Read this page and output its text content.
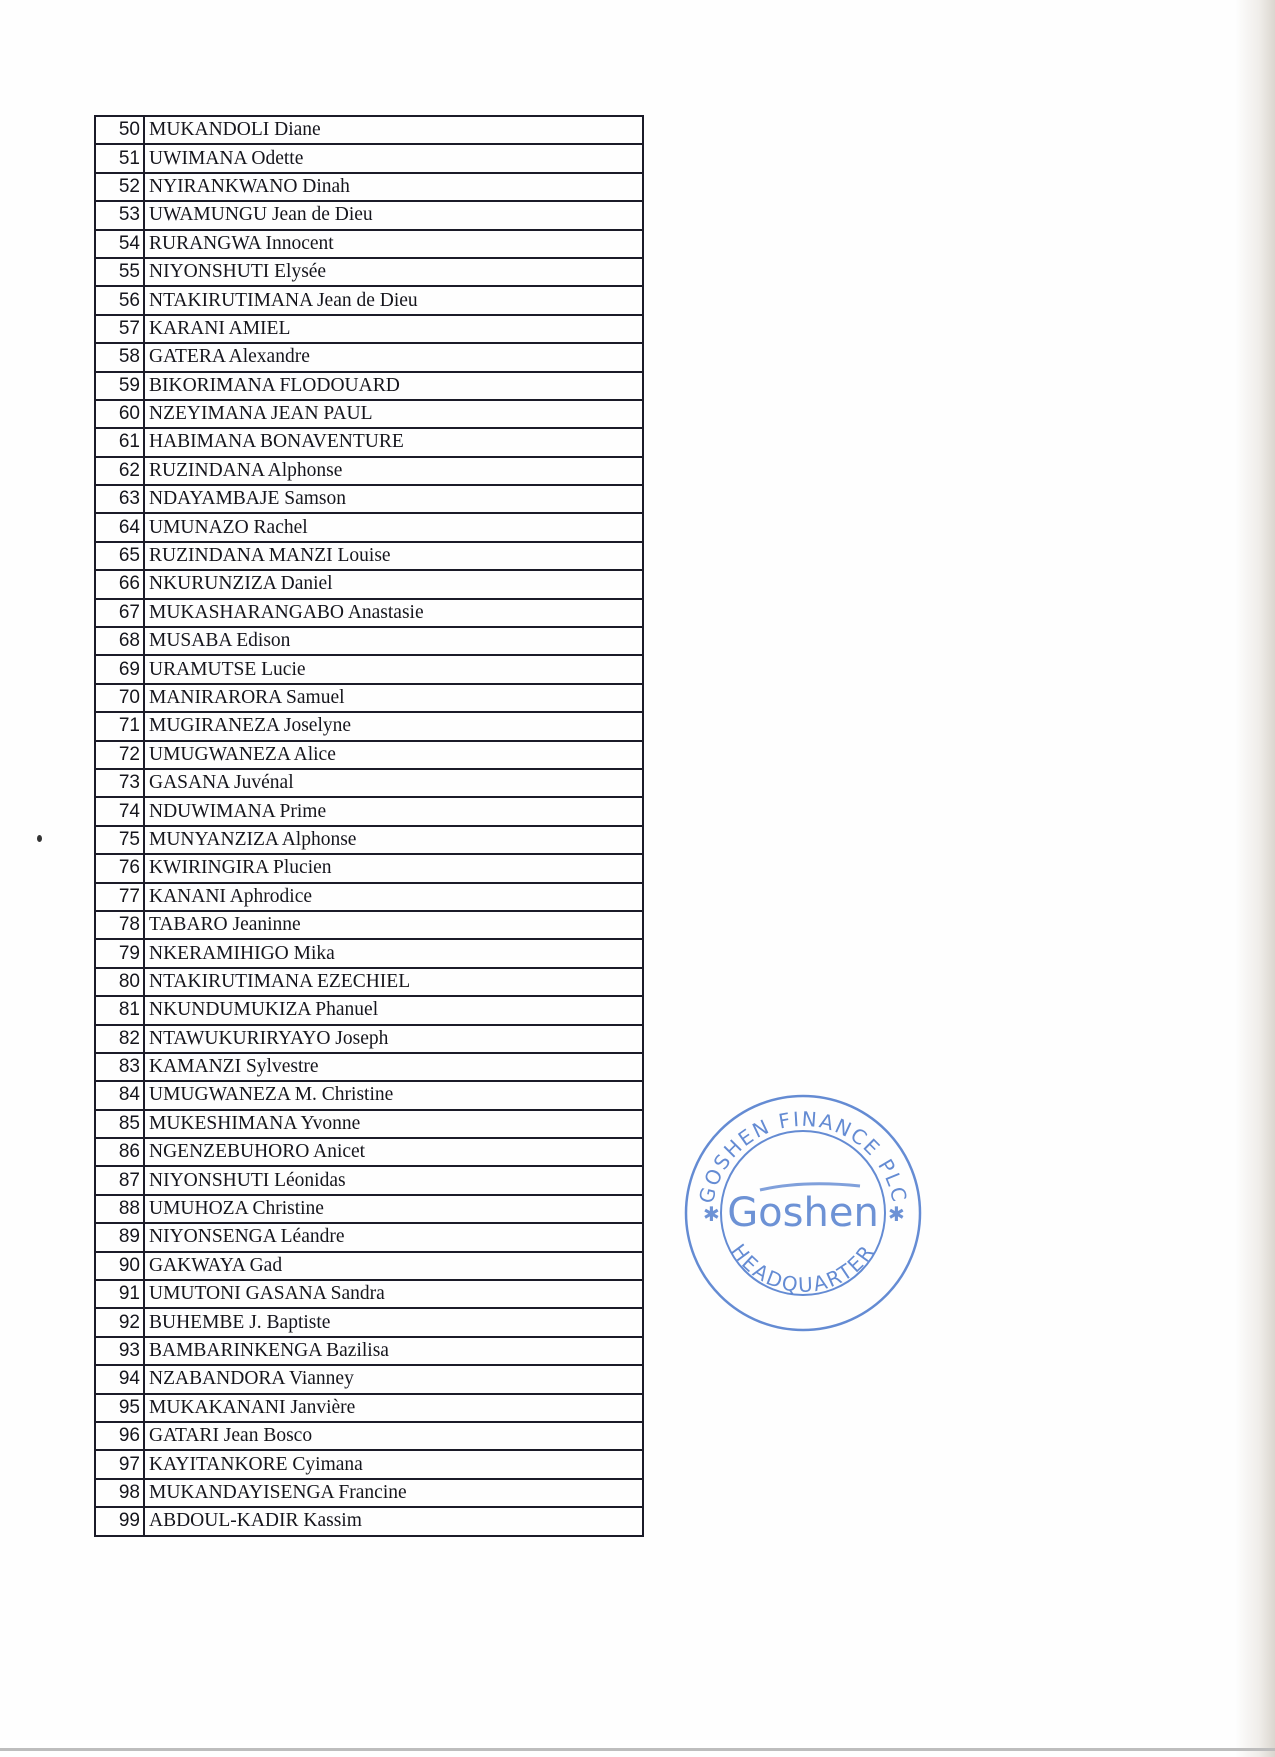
50	MUKANDOLI Diane
51	UWIMANA Odette
52	NYIRANKWANO Dinah
53	UWAMUNGU Jean de Dieu
54	RURANGWA Innocent
55	NIYONSHUTI Elysée
56	NTAKIRUTIMANA Jean de Dieu
57	KARANI AMIEL
58	GATERA Alexandre
59	BIKORIMANA FLODOUARD
60	NZEYIMANA JEAN PAUL
61	HABIMANA BONAVENTURE
62	RUZINDANA Alphonse
63	NDAYAMBAJE Samson
64	UMUNAZO Rachel
65	RUZINDANA MANZI Louise
66	NKURUNZIZA Daniel
67	MUKASHARANGABO Anastasie
68	MUSABA Edison
69	URAMUTSE Lucie
70	MANIRARORA Samuel
71	MUGIRANEZA Joselyne
72	UMUGWANEZA Alice
73	GASANA Juvénal
74	NDUWIMANA Prime
75	MUNYANZIZA Alphonse
76	KWIRINGIRA Plucien
77	KANANI Aphrodice
78	TABARO Jeaninne
79	NKERAMIHIGO Mika
80	NTAKIRUTIMANA EZECHIEL
81	NKUNDUMUKIZA Phanuel
82	NTAWUKURIRYAYO Joseph
83	KAMANZI Sylvestre
84	UMUGWANEZA M. Christine
85	MUKESHIMANA Yvonne
86	NGENZEBUHORO Anicet
87	NIYONSHUTI Léonidas
88	UMUHOZA Christine
89	NIYONSENGA Léandre
90	GAKWAYA Gad
91	UMUTONI GASANA Sandra
92	BUHEMBE J. Baptiste
93	BAMBARINKENGA Bazilisa
94	NZABANDORA Vianney
95	MUKAKANANI Janvière
96	GATARI Jean Bosco
97	KAYITANKORE Cyimana
98	MUKANDAYISENGA Francine
99	ABDOUL-KADIR Kassim
GOSHEN FINANCE PLC
HEADQUARTER
Goshen
✱	✱
